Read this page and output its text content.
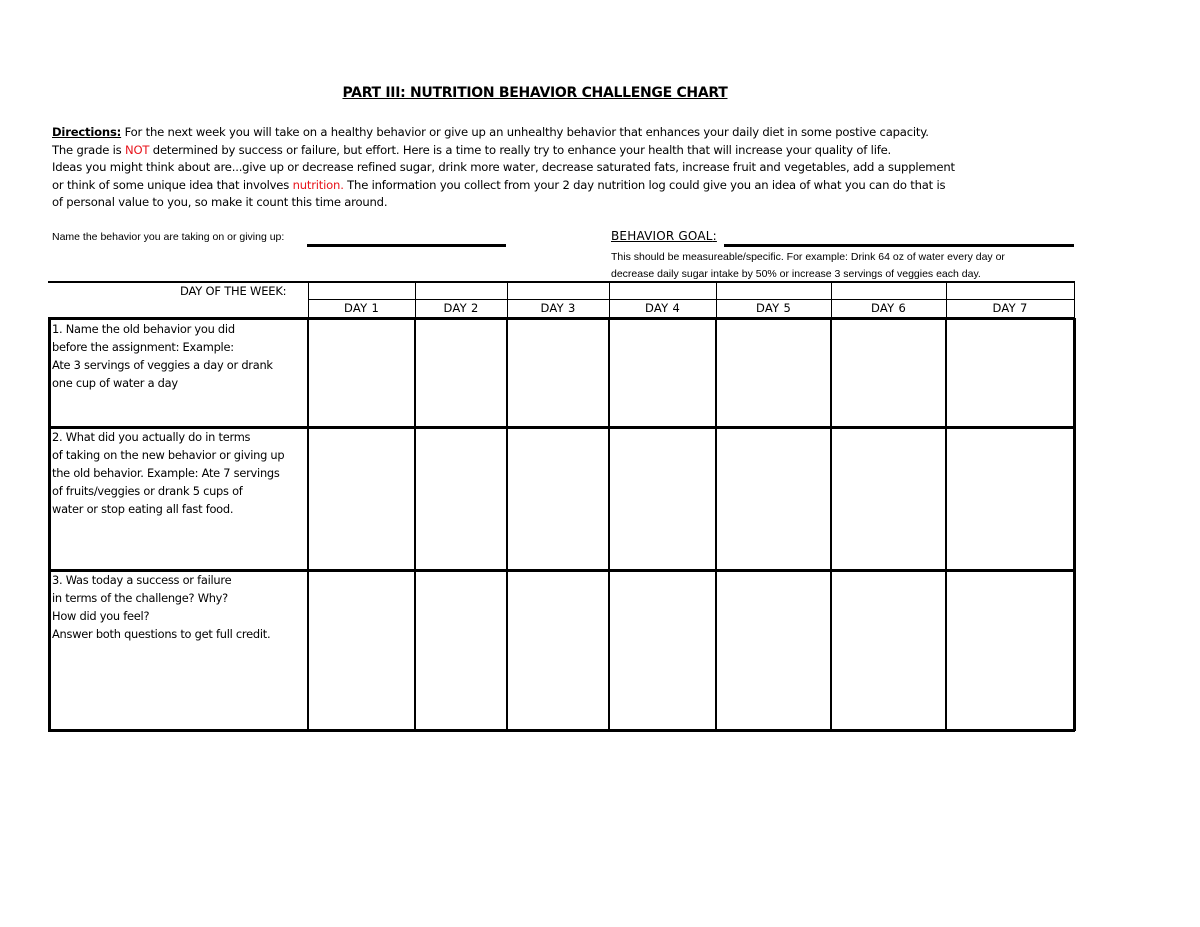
PART III: NUTRITION BEHAVIOR CHALLENGE CHART
Directions: For the next week you will take on a healthy behavior or give up an unhealthy behavior that enhances your daily diet in some postive capacity.
The grade is NOT determined by success or failure, but effort. Here is a time to really try to enhance your health that will increase your quality of life.
Ideas you might think about are...give up or decrease refined sugar, drink more water, decrease saturated fats, increase fruit and vegetables, add a supplement
or think of some unique idea that involves nutrition. The information you collect from your 2 day nutrition log could give you an idea of what you can do that is
of personal value to you, so make it count this time around.
Name the behavior you are taking on or giving up:	BEHAVIOR GOAL:
This should be measureable/specific. For example: Drink 64 oz of water every day or
decrease daily sugar intake by 50% or increase 3 servings of veggies each day.
DAY OF THE WEEK:
DAY 1	DAY 2	DAY 3	DAY 4	DAY 5	DAY 6	DAY 7
1. Name the old behavior you did
before the assignment: Example:
Ate 3 servings of veggies a day or drank
one cup of water a day
2. What did you actually do in terms
of taking on the new behavior or giving up
the old behavior. Example: Ate 7 servings
of fruits/veggies or drank 5 cups of
water or stop eating all fast food.
3. Was today a success or failure
in terms of the challenge? Why?
How did you feel?
Answer both questions to get full credit.
